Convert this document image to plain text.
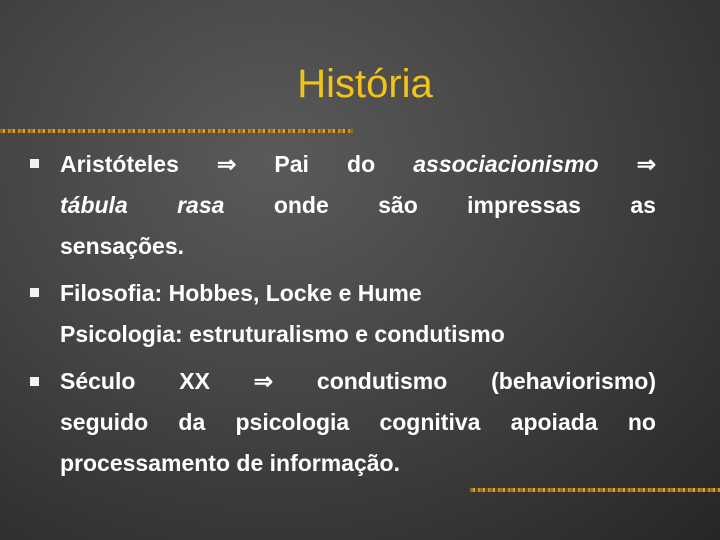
História
Aristóteles ⇒ Pai do associacionismo ⇒
tábula rasa onde são impressas as
sensações.
Filosofia: Hobbes, Locke e Hume
Psicologia: estruturalismo e condutismo
Século XX ⇒ condutismo (behaviorismo)
seguido da psicologia cognitiva apoiada no
processamento de informação.
